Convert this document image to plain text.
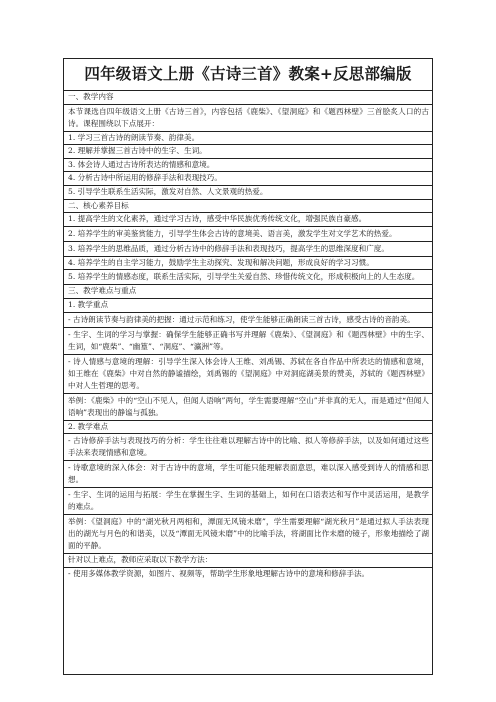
四年级语文上册《古诗三首》教案+反思部编版
一、教学内容
本节课选自四年级语文上册《古诗三首》，内容包括《鹿柴》、《望洞庭》和《题西林壁》三首脍炙人口的古诗。课程围绕以下点展开：
1. 学习三首古诗的朗读节奏、韵律美。
2. 理解并掌握三首古诗中的生字、生词。
3. 体会诗人通过古诗所表达的情感和意境。
4. 分析古诗中所运用的修辞手法和表现技巧。
5. 引导学生联系生活实际，激发对自然、人文景观的热爱。
二、核心素养目标
1. 提高学生的文化素养，通过学习古诗，感受中华民族优秀传统文化，增强民族自豪感。
2. 培养学生的审美鉴赏能力，引导学生体会古诗的意境美、语言美，激发学生对文学艺术的热爱。
3. 培养学生的思维品质，通过分析古诗中的修辞手法和表现技巧，提高学生的思维深度和广度。
4. 培养学生的自主学习能力，鼓励学生主动探究、发现和解决问题，形成良好的学习习惯。
5. 培养学生的情感态度，联系生活实际，引导学生关爱自然、珍惜传统文化，形成积极向上的人生态度。
三、教学难点与重点
1. 教学重点
- 古诗朗读节奏与韵律美的把握：通过示范和练习，使学生能够正确朗读三首古诗，感受古诗的音韵美。
- 生字、生词的学习与掌握：确保学生能够正确书写并理解《鹿柴》、《望洞庭》和《题西林壁》中的生字、生词，如“鹿柴”、“幽篁”、“洞庭”、“瀛洲”等。
- 诗人情感与意境的理解：引导学生深入体会诗人王维、刘禹锡、苏轼在各自作品中所表达的情感和意境，如王维在《鹿柴》中对自然的静谧描绘，刘禹锡的《望洞庭》中对洞庭湖美景的赞美，苏轼的《题西林壁》中对人生哲理的思考。
举例：《鹿柴》中的“空山不见人，但闻人语响”两句，学生需要理解“空山”并非真的无人，而是通过“但闻人语响”表现出的静谧与孤独。
2. 教学难点
- 古诗修辞手法与表现技巧的分析：学生往往难以理解古诗中的比喻、拟人等修辞手法，以及如何通过这些手法来表现情感和意境。
- 诗歌意境的深入体会：对于古诗中的意境，学生可能只能理解表面意思，难以深入感受到诗人的情感和思想。
- 生字、生词的运用与拓展：学生在掌握生字、生词的基础上，如何在口语表达和写作中灵活运用，是教学的难点。
举例：《望洞庭》中的“湖光秋月两相和，潭面无风镜未磨”，学生需要理解“湖光秋月”是通过拟人手法表现出的湖光与月色的和谐美，以及“潭面无风镜未磨”中的比喻手法，将湖面比作未磨的镜子，形象地描绘了湖面的平静。
针对以上难点，教师应采取以下教学方法：
- 使用多媒体教学资源，如图片、视频等，帮助学生形象地理解古诗中的意境和修辞手法。
